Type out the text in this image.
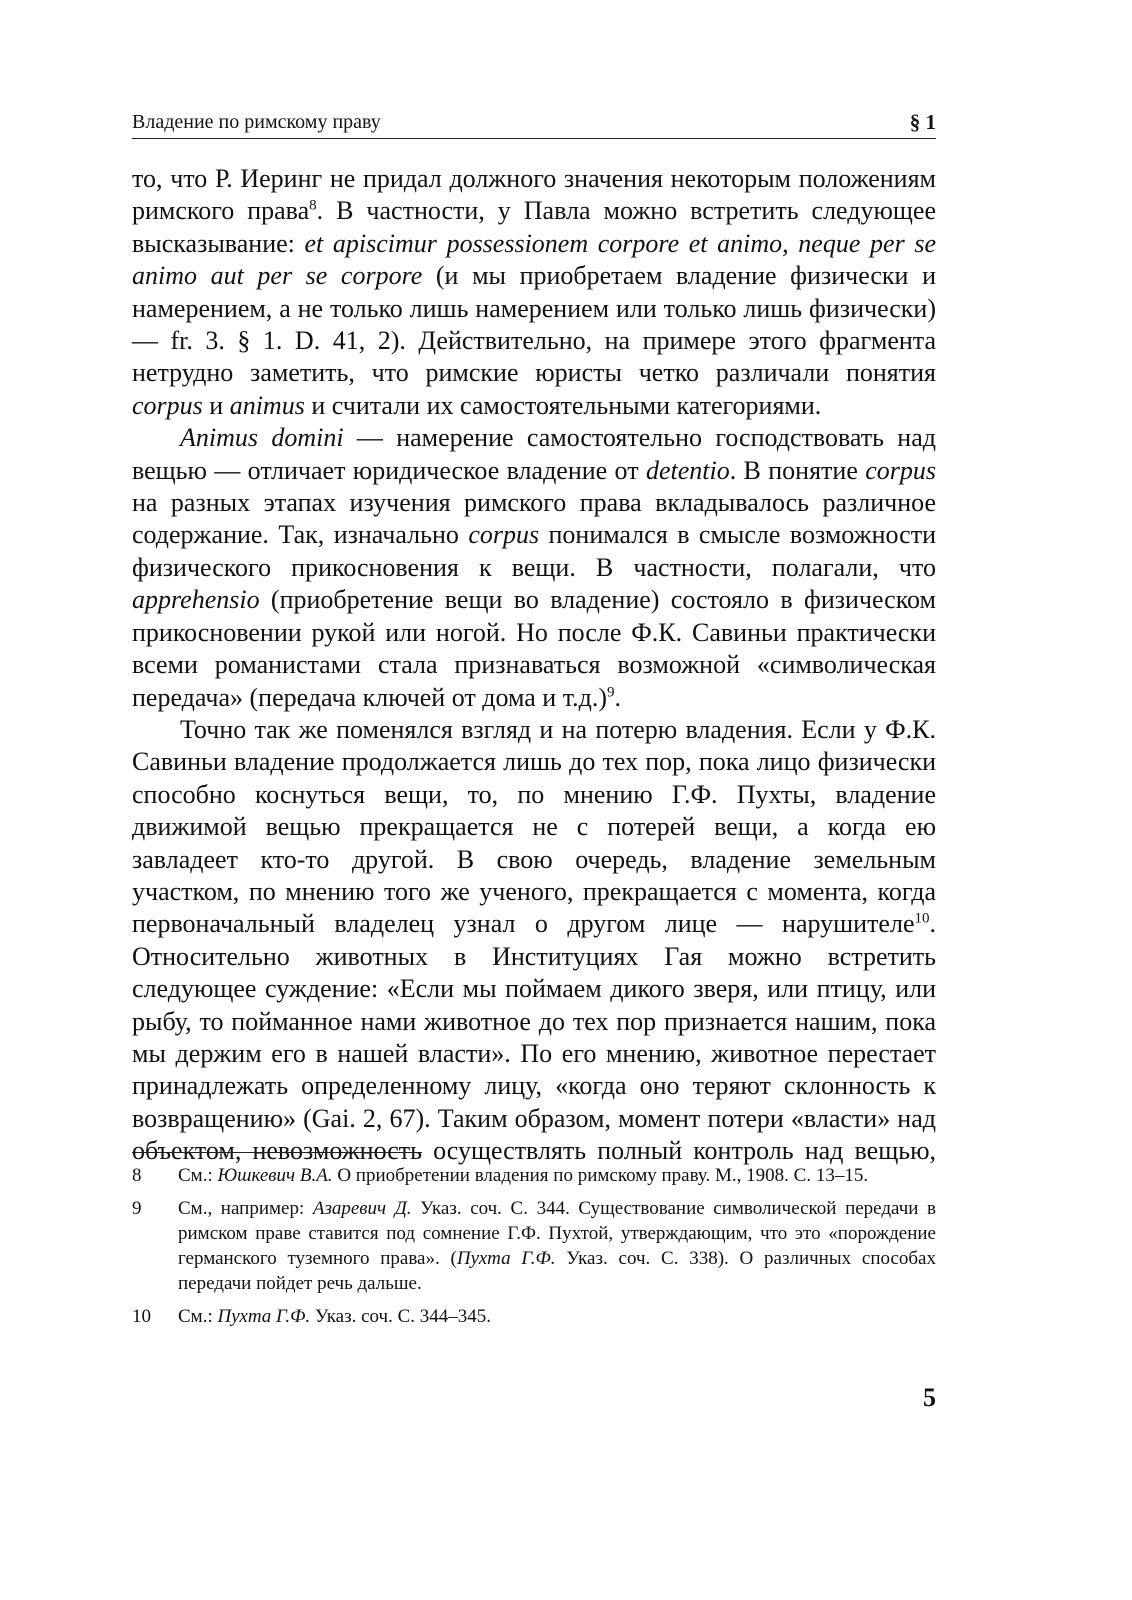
Владение по римскому праву	§ 1

то, что Р. Иеринг не придал должного значения некоторым положениям римского права$^8$. В частности, у Павла можно встретить следующее высказывание: et apiscimur possessionem corpore et animo, neque per se animo aut per se corpore (и мы приобретаем владение физически и намерением, а не только лишь намерением или только лишь физически) — fr. 3. § 1. D. 41, 2). Действительно, на примере этого фрагмента нетрудно заметить, что римские юристы четко различали понятия corpus и animus и считали их самостоятельными категориями.

Animus domini — намерение самостоятельно господствовать над вещью — отличает юридическое владение от detentio. В понятие corpus на разных этапах изучения римского права вкладывалось различное содержание. Так, изначально corpus понимался в смысле возможности физического прикосновения к вещи. В частности, полагали, что apprehensio (приобретение вещи во владение) состояло в физическом прикосновении рукой или ногой. Но после Ф.К. Савиньи практически всеми романистами стала признаваться возможной «символическая передача» (передача ключей от дома и т.д.)$^9$.

Точно так же поменялся взгляд и на потерю владения. Если у Ф.К. Савиньи владение продолжается лишь до тех пор, пока лицо физически способно коснуться вещи, то, по мнению Г.Ф. Пухты, владение движимой вещью прекращается не с потерей вещи, а когда ею завладеет кто-то другой. В свою очередь, владение земельным участком, по мнению того же ученого, прекращается с момента, когда первоначальный владелец узнал о другом лице — нарушителе$^{10}$. Относительно животных в Институциях Гая можно встретить следующее суждение: «Если мы поймаем дикого зверя, или птицу, или рыбу, то пойманное нами животное до тех пор признается нашим, пока мы держим его в нашей власти». По его мнению, животное перестает принадлежать определенному лицу, «когда оно теряют склонность к возвращению» (Gai. 2, 67). Таким образом, момент потери «власти» над объектом, невозможность осуществлять полный контроль над вещью,

8	См.: Юшкевич В.А. О приобретении владения по римскому праву. М., 1908. С. 13–15.
9	См., например: Азаревич Д. Указ. соч. С. 344. Существование символической передачи в римском праве ставится под сомнение Г.Ф. Пухтой, утверждающим, что это «порождение германского туземного права». (Пухта Г.Ф. Указ. соч. С. 338). О различных способах передачи пойдет речь дальше.
10	См.: Пухта Г.Ф. Указ. соч. С. 344–345.
5
